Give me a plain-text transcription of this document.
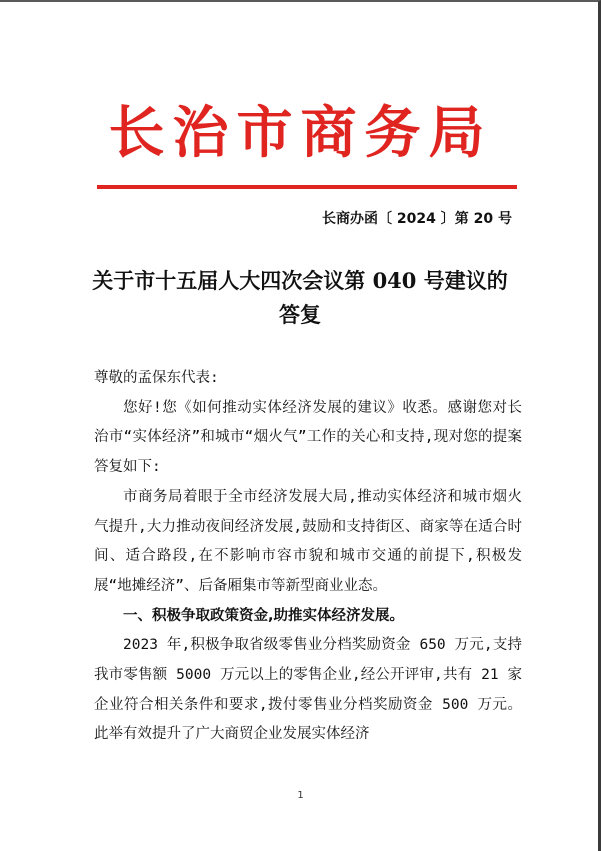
长治市商务局
长商办函〔 2024 〕第 20 号
关于市十五届人大四次会议第 040 号建议的
答复

尊敬的孟保东代表:

您好!您《如何推动实体经济发展的建议》收悉。感谢您对长治市“实体经济”和城市“烟火气”工作的关心和支持,现对您的提案答复如下:

市商务局着眼于全市经济发展大局,推动实体经济和城市烟火气提升,大力推动夜间经济发展,鼓励和支持街区、商家等在适合时间、适合路段,在不影响市容市貌和城市交通的前提下,积极发展“地摊经济”、后备厢集市等新型商业业态。

一、积极争取政策资金,助推实体经济发展。

2023 年,积极争取省级零售业分档奖励资金 650 万元,支持我市零售额 5000 万元以上的零售企业,经公开评审,共有 21 家企业符合相关条件和要求,拨付零售业分档奖励资金 500 万元。此举有效提升了广大商贸企业发展实体经济

1
